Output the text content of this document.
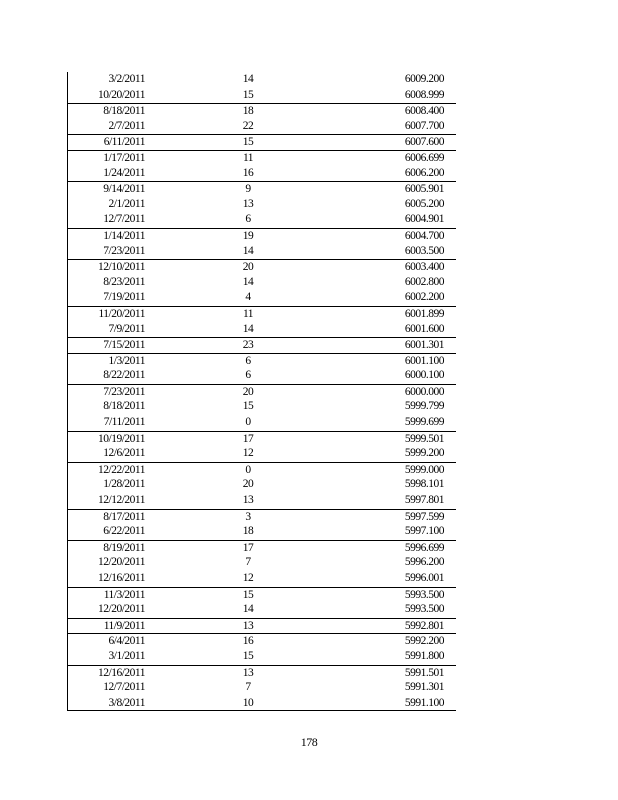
3/2/2011	14	6009.200
10/20/2011	15	6008.999
8/18/2011	18	6008.400
2/7/2011	22	6007.700
6/11/2011	15	6007.600
1/17/2011	11	6006.699
1/24/2011	16	6006.200
9/14/2011	9	6005.901
2/1/2011	13	6005.200
12/7/2011	6	6004.901
1/14/2011	19	6004.700
7/23/2011	14	6003.500
12/10/2011	20	6003.400
8/23/2011	14	6002.800
7/19/2011	4	6002.200
11/20/2011	11	6001.899
7/9/2011	14	6001.600
7/15/2011	23	6001.301
1/3/2011	6	6001.100
8/22/2011	6	6000.100
7/23/2011	20	6000.000
8/18/2011	15	5999.799
7/11/2011	0	5999.699
10/19/2011	17	5999.501
12/6/2011	12	5999.200
12/22/2011	0	5999.000
1/28/2011	20	5998.101
12/12/2011	13	5997.801
8/17/2011	3	5997.599
6/22/2011	18	5997.100
8/19/2011	17	5996.699
12/20/2011	7	5996.200
12/16/2011	12	5996.001
11/3/2011	15	5993.500
12/20/2011	14	5993.500
11/9/2011	13	5992.801
6/4/2011	16	5992.200
3/1/2011	15	5991.800
12/16/2011	13	5991.501
12/7/2011	7	5991.301
3/8/2011	10	5991.100
178
